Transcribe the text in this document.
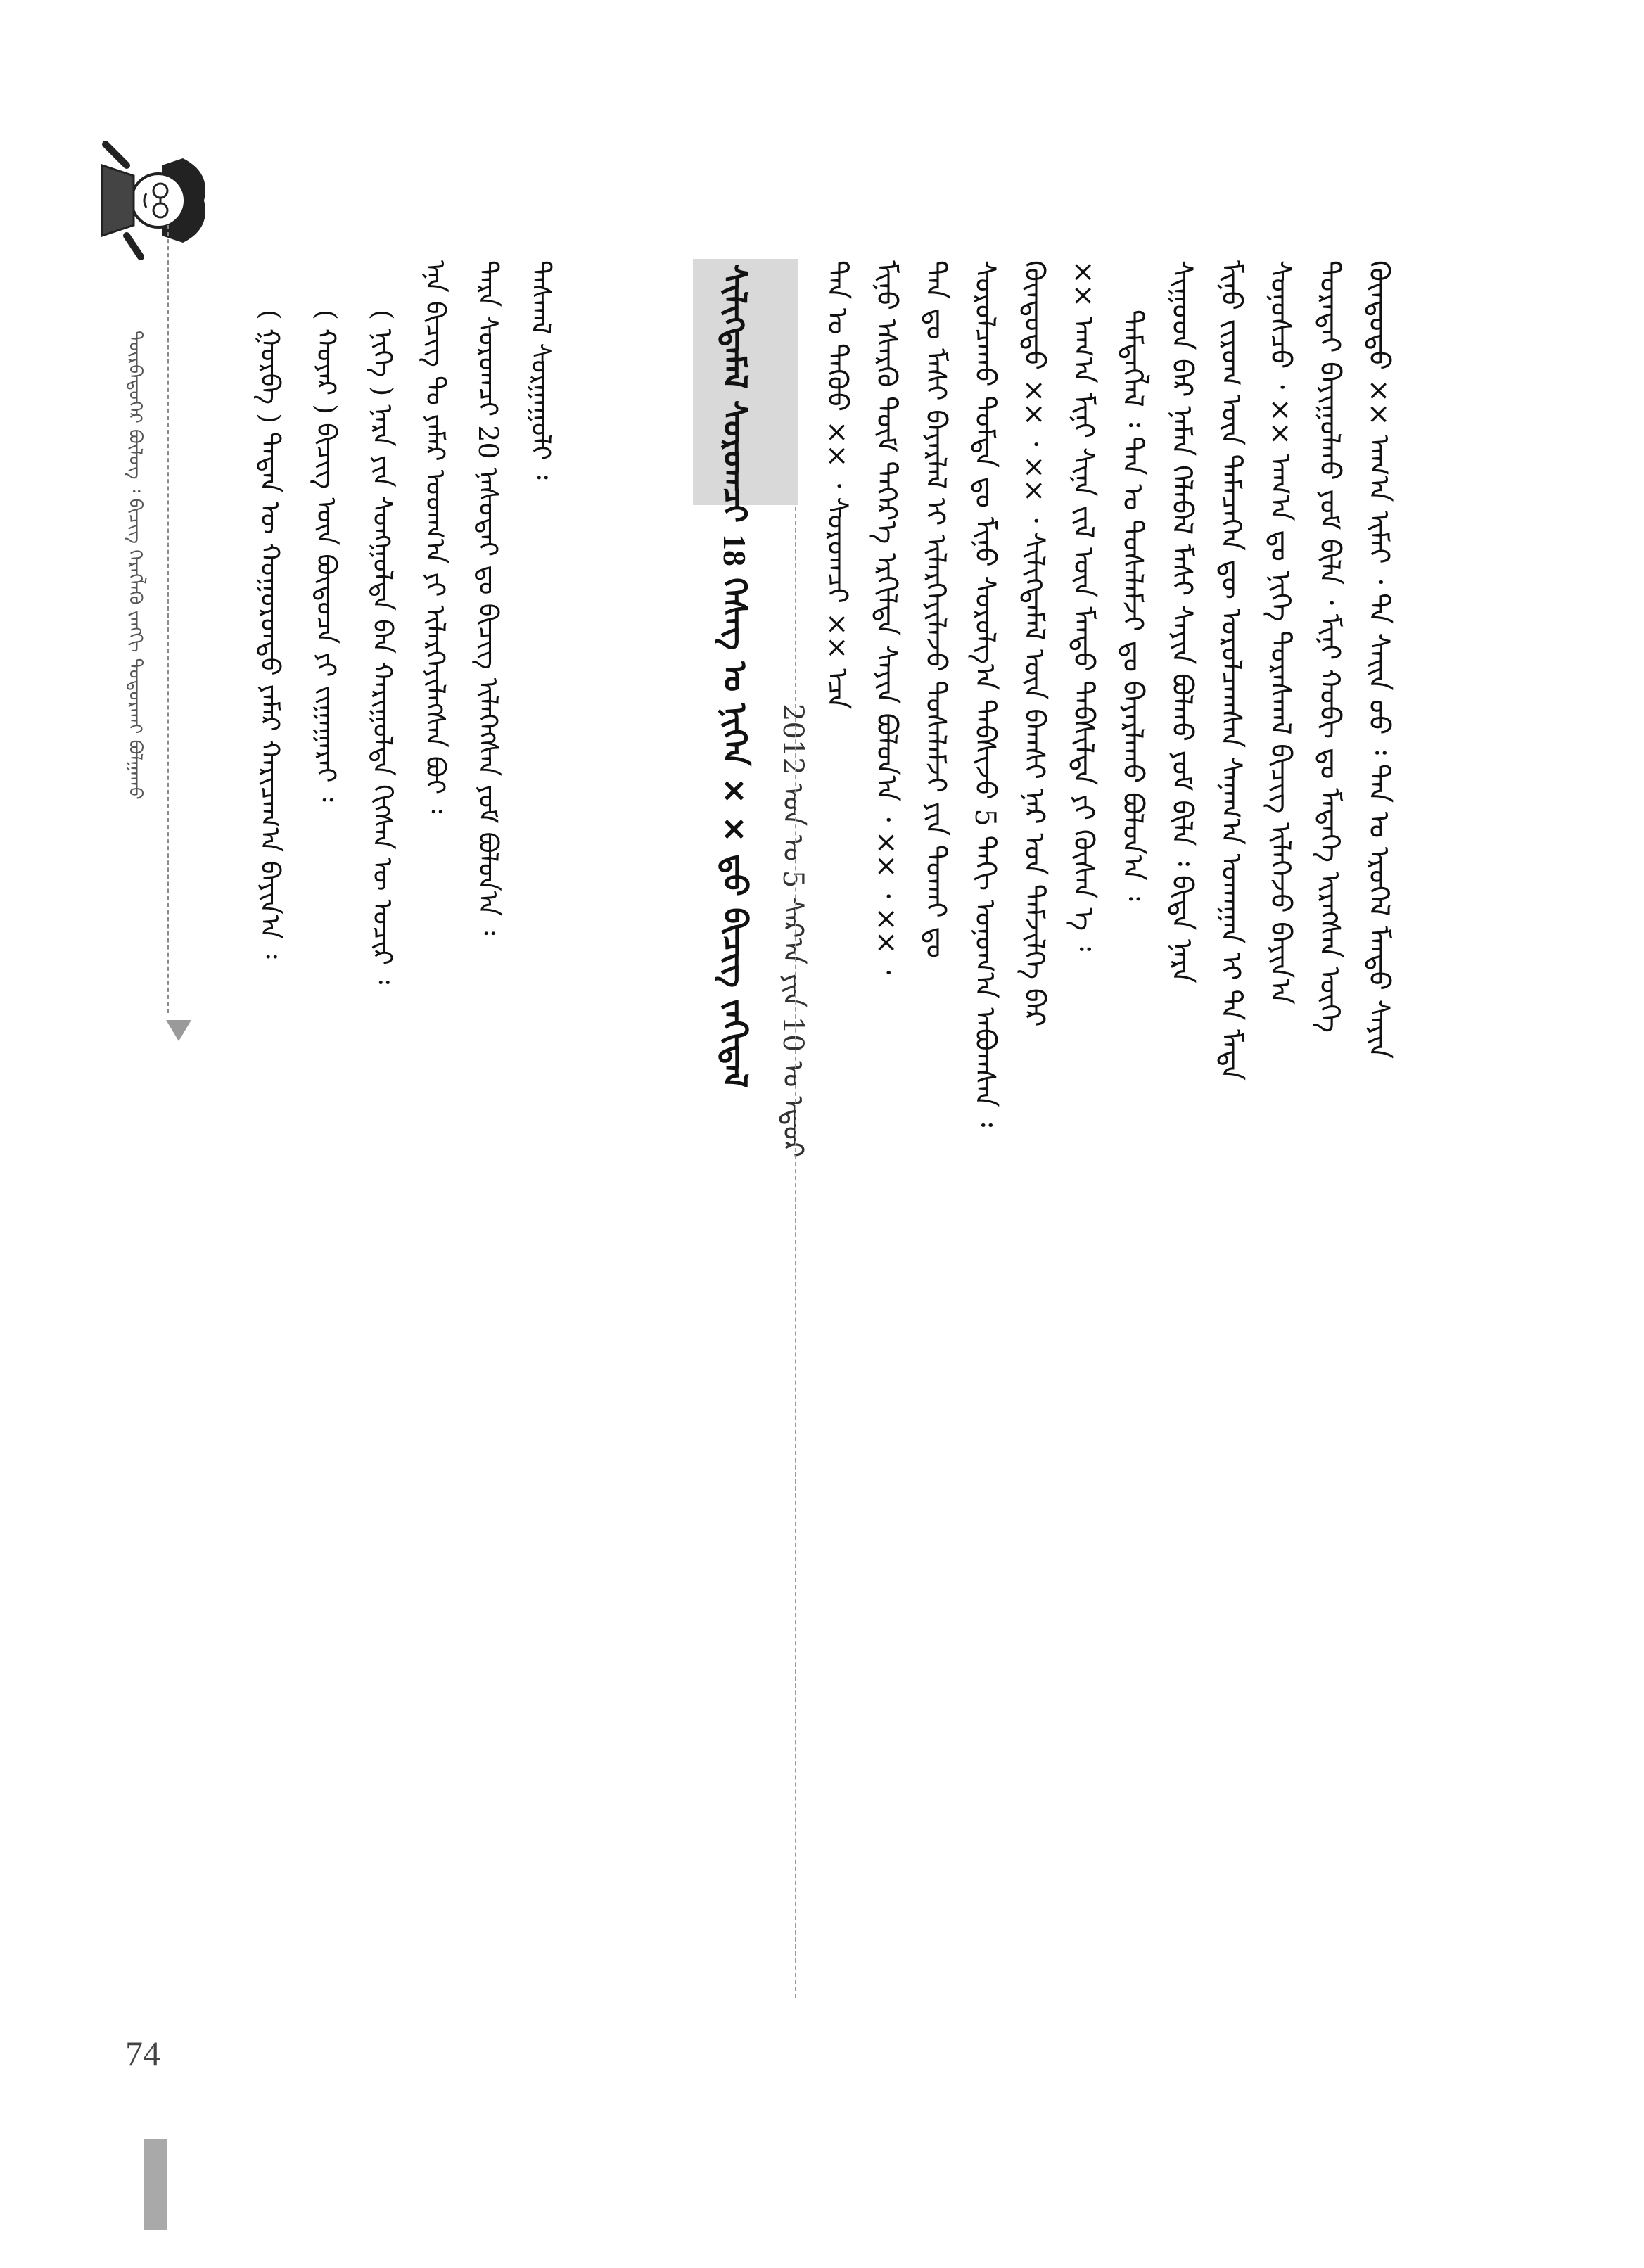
ᠳᠥᠷᠪᠡᠳᠦᠭᠡᠷ ᠪᠦᠯᠦᠭ ᠄ ᠪᠢᠴᠢᠭ ᠬᠡᠷᠡᠭᠯᠡᠬᠦ ᠵᠠᠩᠭᠢ ᠲᠤᠳᠤᠷᠬᠠᠢ ᠪᠣᠯᠭᠠᠬᠤ	ᠬᠦᠨᠳᠦᠲᠦ ×× ᠠᠬ᠎ᠠ ᠢᠮᠠᠢ ᠂ ᠲᠠ ᠰᠠᠢᠨ ᠤᠤ ᠄ ᠲᠠᠨ ᠤ ᠡᠷᠦᠭᠡᠯ ᠮᠡᠨᠳᠦ ᠰᠠᠶᠢᠨ
ᠳᠤᠷᠠᠲᠠᠶ ᠪᠠᠶᠢᠭᠤᠯᠬᠤ ᠶᠤᠮ ᠪᠢᠯᠡ ᠂ ᠮᠢᠨᠢ ᠬᠤᠪᠢ ᠳᠤ ᠮᠡᠳᠡᠭᠡ ᠢᠷᠡᠭᠰᠡᠨ ᠦᠭᠡ
ᠰᠣᠨᠣᠰᠴᠤ ᠂ ×× ᠠᠬ᠎ᠠ ᠳᠤ ᠨᠢᠭᠡ ᠳᠤᠷᠠᠰᠬᠠᠯ ᠪᠢᠴᠢᠭ ᠢᠯᠡᠭᠡᠵᠦ ᠪᠠᠶᠢᠨ᠎ᠠ
ᠮᠢᠨᠤ ᠵᠢᠷᠤᠭ ᠦᠨ ᠲᠡᠮᠡᠴᠡᠭᠡᠨ ᠳᠦ ᠣᠷᠣᠯᠴᠠᠭᠰᠠᠨ ᠰᠠᠨᠠᠭ᠎ᠠ ᠤᠬᠠᠭᠠᠨ ᠢ ᠲᠠ ᠮᠡᠳᠡ
ᠰᠢᠭᠤᠳ ᠪᠠᠷ ᠨᠡᠮᠡᠨ ᠬᠡᠯᠡᠪᠡᠯ ᠮᠠᠰᠢ ᠰᠠᠶᠢᠨ ᠪᠣᠯᠬᠤ ᠶᠤᠮ ᠪᠢᠯᠡ ᠄ ᠪᠢᠳᠡ ᠨᠡᠷᠡ
ᠲᠡᠮᠳᠡᠭᠯᠡᠯ ᠄ ᠲᠠᠨ ᠤ ᠲᠤᠰᠠᠯᠠᠮᠵᠢ ᠳᠤ ᠪᠠᠶᠠᠷᠯᠠᠬᠤ ᠪᠣᠯᠤᠨ᠎ᠠ ᠄
×× ᠠᠬ᠎ᠠ ᠮᠢᠨᠢ ᠰᠢᠨᠡ ᠵᠢᠯ ᠦᠨ ᠮᠡᠨᠳᠦ ᠳᠡᠪᠰᠢᠯᠲᠡ ᠶᠢ ᠬᠦᠰᠡᠨ ᠡ ᠄
ᠬᠦᠨᠳᠦᠲᠦ ×× ᠂ ×× ᠂ ᠰᠢᠯᠢᠭᠳᠡᠮᠡᠯ ᠦᠨ ᠪᠠᠭᠰᠢ ᠨᠠᠷ ᠤᠨ ᠳᠡᠮᠵᠢᠯᠭᠡ ᠪᠠᠷ
ᠰᠤᠷᠤᠯᠴᠠᠬᠤ ᠳᠤᠮᠳᠠ ᠳᠤ ᠮᠢᠨᠤ ᠰᠤᠷᠤᠯᠭ᠎ᠠ ᠳᠡᠪᠰᠢᠵᠦ 5 ᠳᠠᠬᠢ ᠣᠨᠣᠭ᠎ᠠ ᠠᠪᠤᠭᠰᠠᠨ ᠄
ᠲᠠᠨ ᠳᠤ ᠮᠠᠰᠢ ᠪᠠᠶᠠᠷᠯᠠᠯ ᠢ ᠢᠯᠡᠷᠬᠡᠶᠢᠯᠡᠵᠦ ᠲᠤᠰᠠᠯᠠᠮᠵᠢ ᠶᠢᠨ ᠲᠤᠬᠠᠶ ᠳᠤ
ᠮᠢᠨᠤ ᠡᠰᠡᠷᠭᠦ ᠳᠦᠮ ᠳᠡᠭᠡᠷ᠎ᠡ ᠡᠷᠭᠢᠯᠲᠡ ᠰᠠᠶᠢᠨ ᠪᠣᠯᠤᠨ᠎ᠠ ᠂ ×× ᠂ ×× ᠂
ᠲᠠᠨ ᠤ ᠳᠡᠭᠦᠦ ×× ᠂ ᠰᠤᠷᠤᠭᠴᠢ ×× ᠡᠴᠡ
2012 ᠣᠨ ᠤ 5 ᠰᠠᠷ᠎ᠠ ᠶᠢᠨ 10 ᠤ ᠡᠳᠦᠷ
ᠰᠢᠯᠢᠭᠳᠡᠮᠡᠯ ᠰᠤᠷᠤᠭᠴᠢ 18 ᠬᠡᠰᠡᠭ ᠤ ᠨᠢᠭᠡᠨ × × ᠳ᠋ᠤ ᠪᠢᠴᠢᠭ ᠵᠠᠬᠢᠳᠠᠯ
ᠳᠠᠰᠬᠠᠯ ᠰᠤᠷᠭᠠᠭᠤᠯᠢ ᠄
ᠲᠡᠷᠡ ᠰᠤᠷᠤᠭᠴᠢ 20 ᠨᠠᠰᠤᠲᠠᠶ ᠳᠤ ᠪᠢᠴᠢᠭ ᠢᠯᠡᠭᠡᠭᠰᠡᠨ ᠶᠤᠮ ᠪᠣᠯᠤᠨ᠎ᠠ ᠄
ᠡᠨᠡ ᠪᠢᠴᠢᠭ ᠲᠤ ᠶᠠᠮᠠᠷ ᠤᠳᠬ᠎ᠠ ᠶᠢ ᠢᠯᠡᠷᠬᠡᠶᠢᠯᠡᠭᠰᠡᠨ ᠪᠤᠢ ᠄
( ᠨᠢᠭᠡ ) ᠨᠡᠷᠡ ᠶᠢᠨ ᠰᠣᠩᠭᠣᠯᠲᠠ ᠪᠠᠨ ᠬᠠᠷᠢᠭᠤᠯᠲᠠ ᠬᠢᠭᠰᠡᠨ ᠦ ᠤᠴᠢᠷ ᠄
( ᠬᠣᠶᠠᠷ ) ᠪᠢᠴᠢᠭ ᠦᠨ ᠪᠦᠲᠦᠴᠡ ᠶᠢ ᠵᠢᠭᠠᠭᠠᠷᠠᠢ ᠄
( ᠭᠤᠷᠪᠠ ) ᠲᠡᠳᠡᠨ ᠦ ᠬᠤᠭᠤᠷᠤᠨᠳᠤ ᠶᠠᠮᠠᠷ ᠬᠠᠷᠢᠴᠠᠭ᠎ᠠ ᠪᠠᠶᠢᠨ᠎ᠠ ᠄
74
